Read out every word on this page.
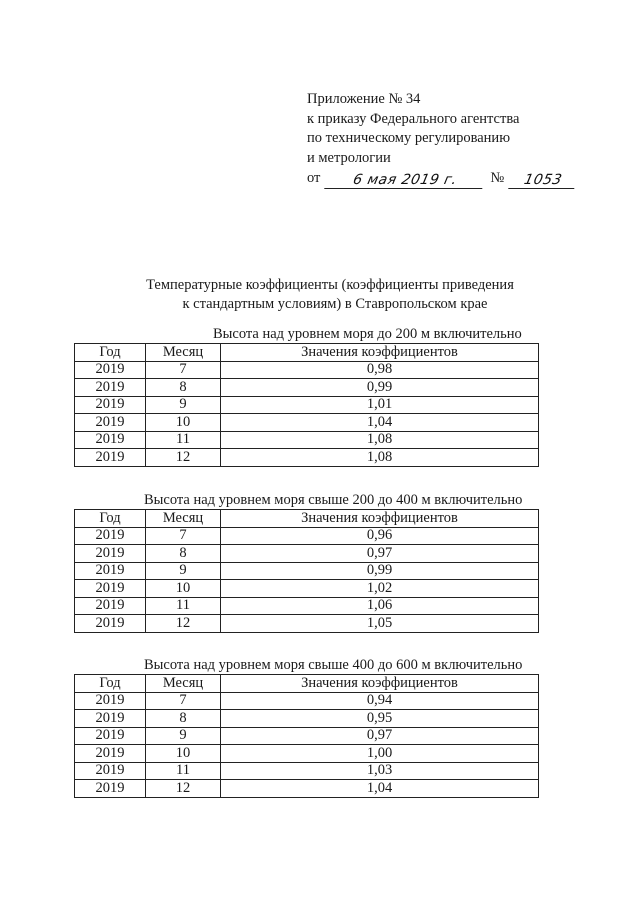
Приложение № 34
к приказу Федерального агентства
по техническому регулированию
и метрологии
от	6 мая 2019 г.	№	1053
Температурные коэффициенты (коэффициенты приведения
к стандартным условиям) в Ставропольском крае
Высота над уровнем моря до 200 м включительно
Год	Месяц	Значения коэффициентов
2019	7	0,98
2019	8	0,99
2019	9	1,01
2019	10	1,04
2019	11	1,08
2019	12	1,08
Высота над уровнем моря свыше 200 до 400 м включительно
Год	Месяц	Значения коэффициентов
2019	7	0,96
2019	8	0,97
2019	9	0,99
2019	10	1,02
2019	11	1,06
2019	12	1,05
Высота над уровнем моря свыше 400 до 600 м включительно
Год	Месяц	Значения коэффициентов
2019	7	0,94
2019	8	0,95
2019	9	0,97
2019	10	1,00
2019	11	1,03
2019	12	1,04
